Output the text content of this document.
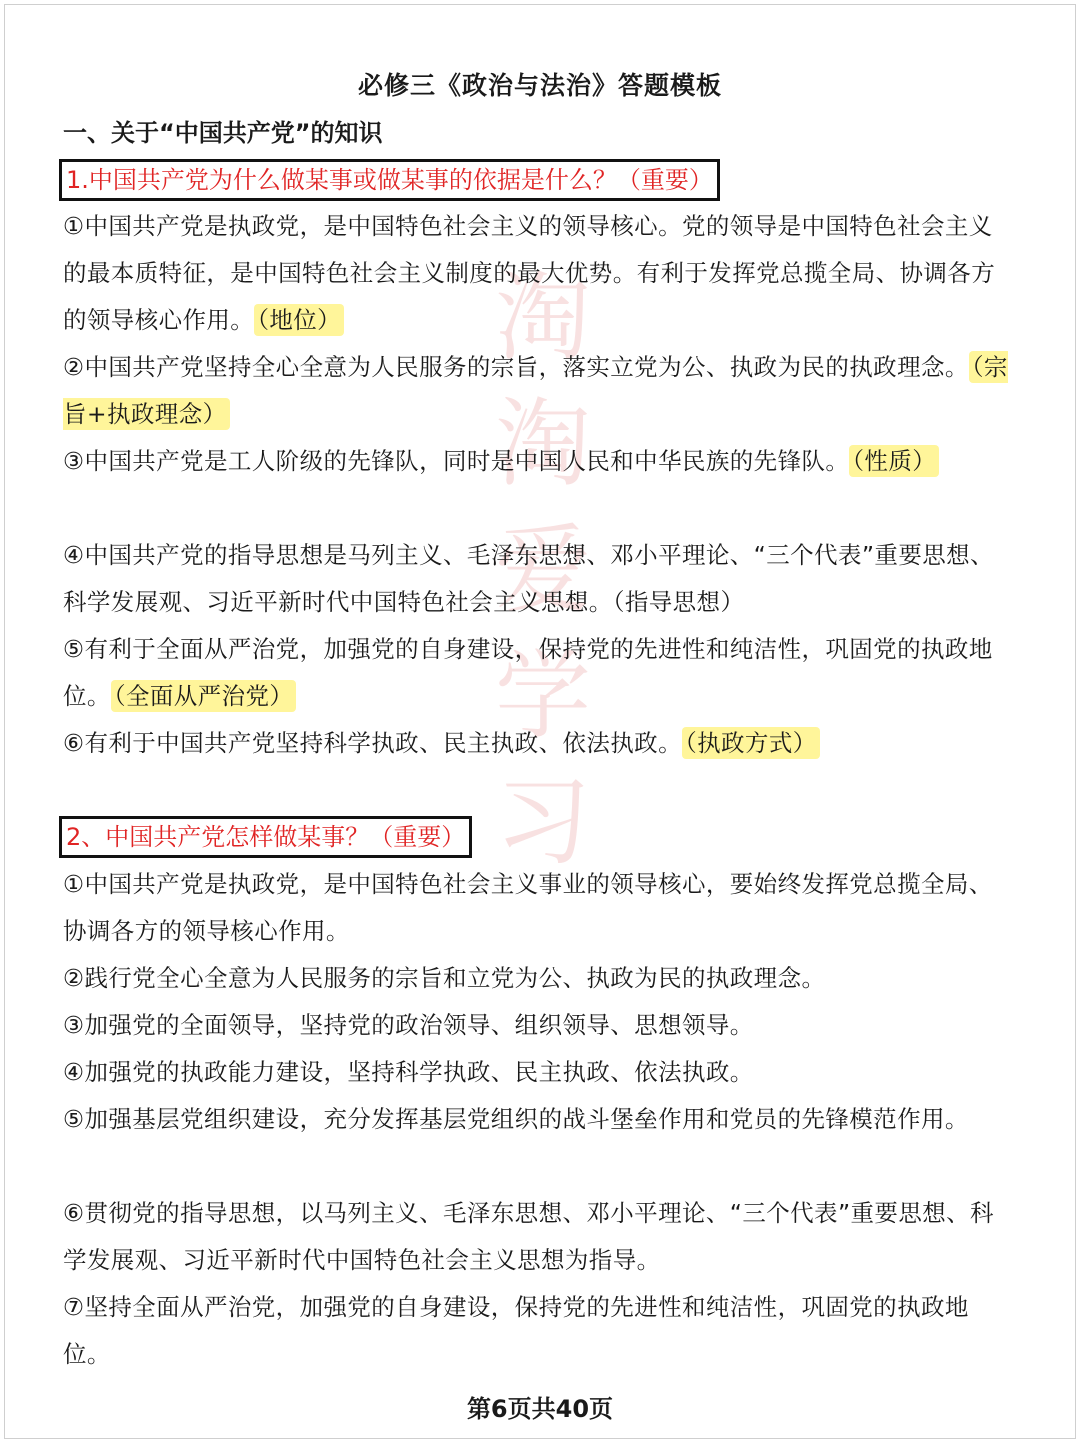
淘
淘
爱
学
习
必修三《政治与法治》答题模板
一、关于“中国共产党”的知识
1.中国共产党为什么做某事或做某事的依据是什么？（重要）

①中国共产党是执政党，是中国特色社会主义的领导核心。党的领导是中国特色社会主义的最本质特征，是中国特色社会主义制度的最大优势。有利于发挥党总揽全局、协调各方的领导核心作用。 （地位）

②中国共产党坚持全心全意为人民服务的宗旨，落实立党为公、执政为民的执政理念。 （宗旨+执政理念）

③中国共产党是工人阶级的先锋队，同时是中国人民和中华民族的先锋队。 （性质）

④中国共产党的指导思想是马列主义、毛泽东思想、邓小平理论、“三个代表”重要思想、科学发展观、习近平新时代中国特色社会主义思想。（指导思想）

⑤有利于全面从严治党，加强党的自身建设，保持党的先进性和纯洁性，巩固党的执政地位。 （全面从严治党）

⑥有利于中国共产党坚持科学执政、民主执政、依法执政。 （执政方式）

2、中国共产党怎样做某事？（重要）

①中国共产党是执政党，是中国特色社会主义事业的领导核心，要始终发挥党总揽全局、协调各方的领导核心作用。

②践行党全心全意为人民服务的宗旨和立党为公、执政为民的执政理念。

③加强党的全面领导，坚持党的政治领导、组织领导、思想领导。

④加强党的执政能力建设，坚持科学执政、民主执政、依法执政。

⑤加强基层党组织建设，充分发挥基层党组织的战斗堡垒作用和党员的先锋模范作用。

⑥贯彻党的指导思想，以马列主义、毛泽东思想、邓小平理论、“三个代表”重要思想、科学发展观、习近平新时代中国特色社会主义思想为指导。

⑦坚持全面从严治党，加强党的自身建设，保持党的先进性和纯洁性，巩固党的执政地位。

第6页共40页
